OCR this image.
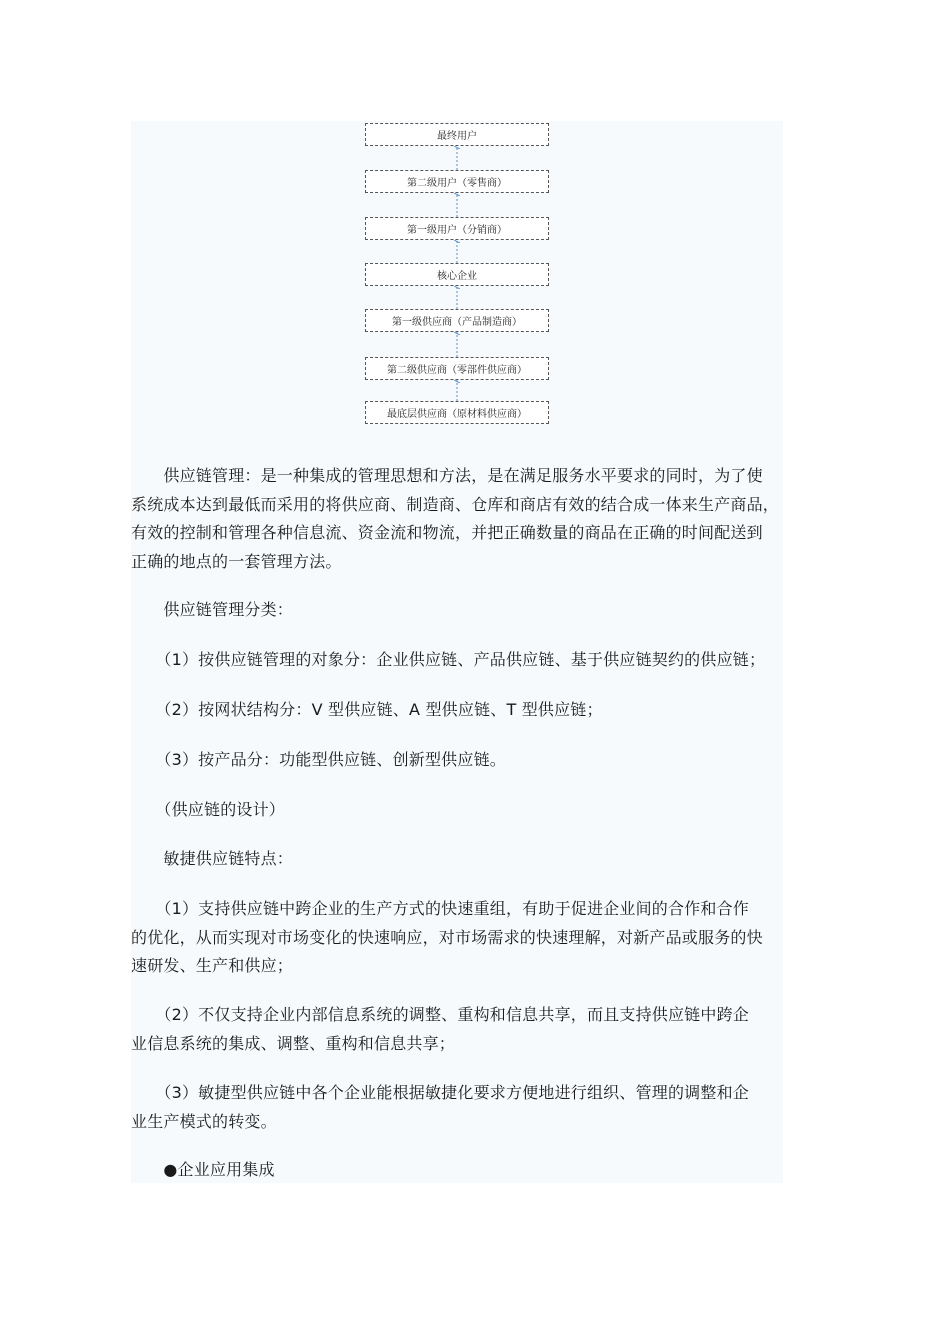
最终用户
第二级用户（零售商）
第一级用户（分销商）
核心企业
第一级供应商（产品制造商）
第二级供应商（零部件供应商）
最底层供应商（原材料供应商）
　　供应链管理：是一种集成的管理思想和方法，是在满足服务水平要求的同时，为了使
系统成本达到最低而采用的将供应商、制造商、仓库和商店有效的结合成一体来生产商品，
有效的控制和管理各种信息流、资金流和物流，并把正确数量的商品在正确的时间配送到
正确的地点的一套管理方法。
　　供应链管理分类：
　　（1）按供应链管理的对象分：企业供应链、产品供应链、基于供应链契约的供应链；
　　（2）按网状结构分：V 型供应链、A 型供应链、T 型供应链；
　　（3）按产品分：功能型供应链、创新型供应链。
　　（供应链的设计）
　　敏捷供应链特点：
　　（1）支持供应链中跨企业的生产方式的快速重组，有助于促进企业间的合作和合作
的优化，从而实现对市场变化的快速响应，对市场需求的快速理解，对新产品或服务的快
速研发、生产和供应；
　　（2）不仅支持企业内部信息系统的调整、重构和信息共享，而且支持供应链中跨企
业信息系统的集成、调整、重构和信息共享；
　　（3）敏捷型供应链中各个企业能根据敏捷化要求方便地进行组织、管理的调整和企
业生产模式的转变。
　　●企业应用集成
